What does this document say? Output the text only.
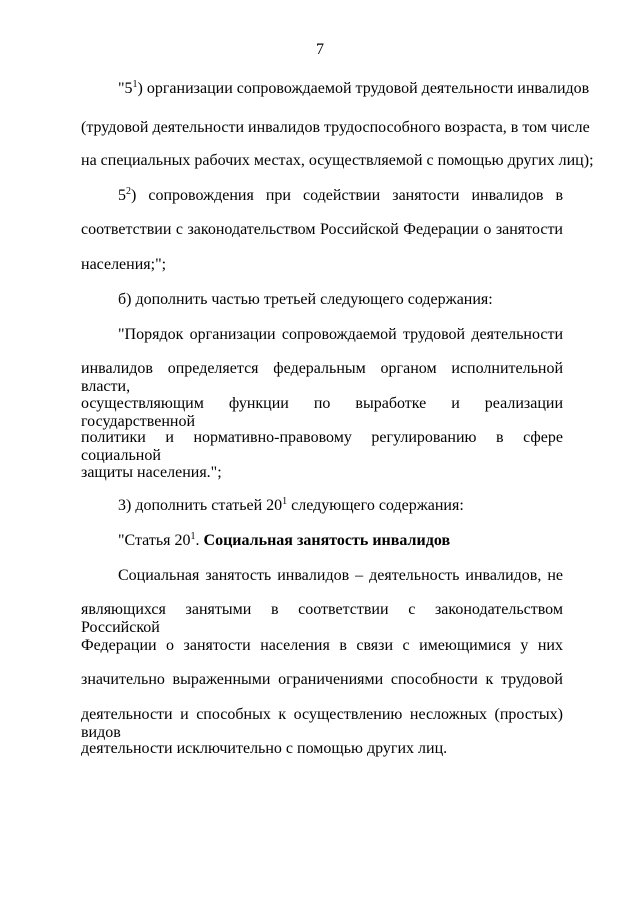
7
"$5^1$) организации сопровождаемой трудовой деятельности инвалидов
(трудовой деятельности инвалидов трудоспособного возраста, в том числе
на специальных рабочих местах, осуществляемой с помощью других лиц);
$5^2$) сопровождения при содействии занятости инвалидов в
соответствии с законодательством Российской Федерации о занятости
населения;";
б) дополнить частью третьей следующего содержания:
"Порядок организации сопровождаемой трудовой деятельности
инвалидов определяется федеральным органом исполнительной власти,
осуществляющим функции по выработке и реализации государственной
политики и нормативно-правовому регулированию в сфере социальной
защиты населения.";
3) дополнить статьей $20^1$ следующего содержания:
"Статья $20^1$. Социальная занятость инвалидов
Социальная занятость инвалидов – деятельность инвалидов, не
являющихся занятыми в соответствии с законодательством Российской
Федерации о занятости населения в связи с имеющимися у них
значительно выраженными ограничениями способности к трудовой
деятельности и способных к осуществлению несложных (простых) видов
деятельности исключительно с помощью других лиц.
